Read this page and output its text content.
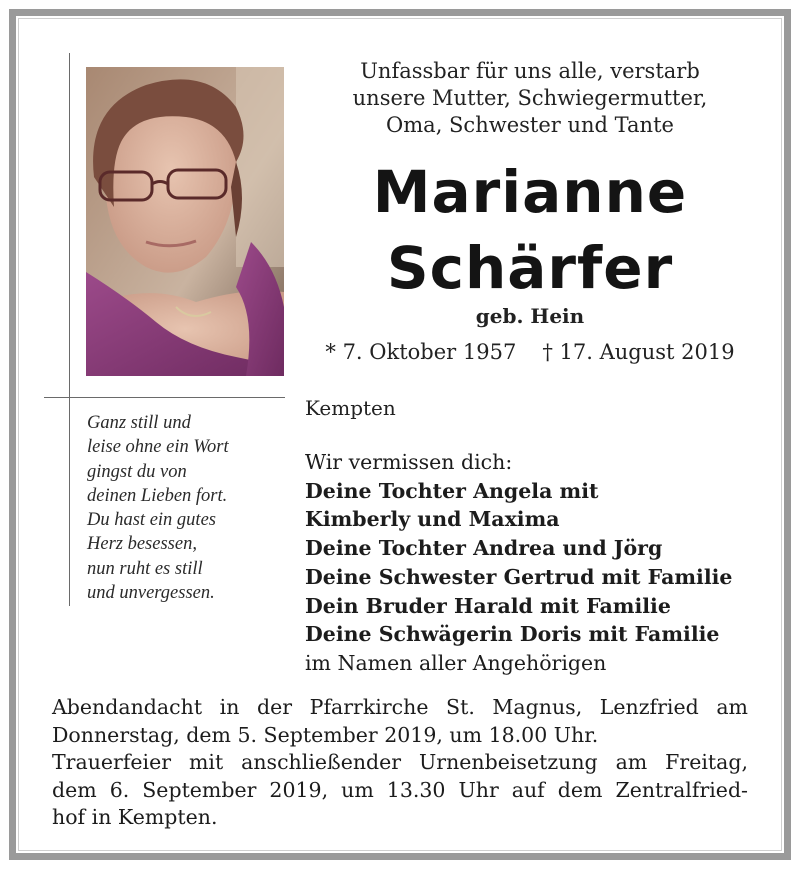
Unfassbar für uns alle, verstarb
unsere Mutter, Schwiegermutter,
Oma, Schwester und Tante
Marianne
Schärfer
geb. Hein
* 7. Oktober 1957 † 17. August 2019
Kempten
Ganz still und
leise ohne ein Wort
gingst du von
deinen Lieben fort.
Du hast ein gutes
Herz besessen,
nun ruht es still
und unvergessen.
Wir vermissen dich:
Deine Tochter Angela mit
Kimberly und Maxima
Deine Tochter Andrea und Jörg
Deine Schwester Gertrud mit Familie
Dein Bruder Harald mit Familie
Deine Schwägerin Doris mit Familie
im Namen aller Angehörigen
Abendandacht in der Pfarrkirche St. Magnus, Lenzfried am
Donnerstag, dem 5. September 2019, um 18.00 Uhr.
Trauerfeier mit anschließender Urnenbeisetzung am Freitag,
dem 6. September 2019, um 13.30 Uhr auf dem Zentralfried-
hof in Kempten.
